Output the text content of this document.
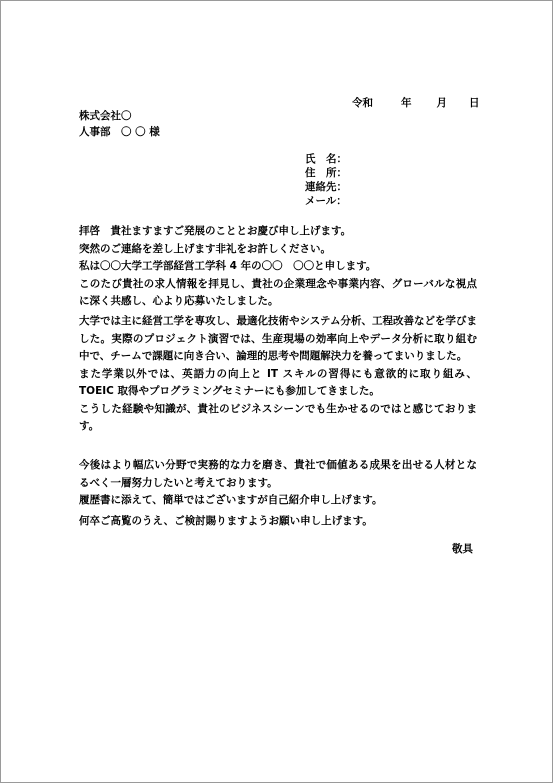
令和	年 月 日
株式会社〇
人事部　〇 〇 様
氏　名：
住　所：
連絡先：
メール：

拝啓　貴社ますますご発展のこととお慶び申し上げます。

突然のご連絡を差し上げます非礼をお許しください。

私は〇〇大学工学部経営工学科 4 年の〇〇　〇〇と申します。

このたび貴社の求人情報を拝見し、貴社の企業理念や事業内容、グローバルな視点に深く共感し、心より応募いたしました。

大学では主に経営工学を専攻し、最適化技術やシステム分析、工程改善などを学びました。実際のプロジェクト演習では、生産現場の効率向上やデータ分析に取り組む中で、チームで課題に向き合い、論理的思考や問題解決力を養ってまいりました。

また学業以外では、英語力の向上と IT スキルの習得にも意欲的に取り組み、TOEIC 取得やプログラミングセミナーにも参加してきました。

こうした経験や知識が、貴社のビジネスシーンでも生かせるのではと感じております。

今後はより幅広い分野で実務的な力を磨き、貴社で価値ある成果を出せる人材となるべく一層努力したいと考えております。

履歴書に添えて、簡単ではございますが自己紹介申し上げます。

何卒ご高覧のうえ、ご検討賜りますようお願い申し上げます。

敬具
